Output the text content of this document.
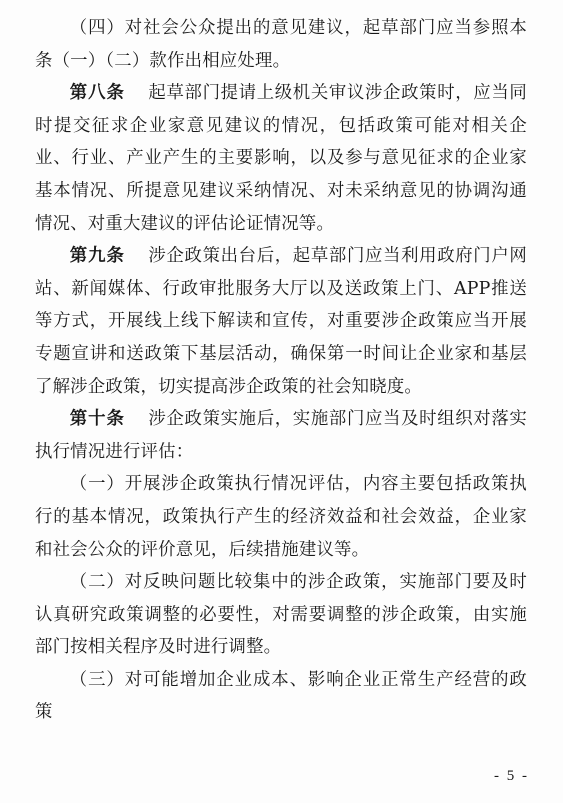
（四）对社会公众提出的意见建议，起草部门应当参照本条（一）（二）款作出相应处理。

第八条 起草部门提请上级机关审议涉企政策时，应当同时提交征求企业家意见建议的情况，包括政策可能对相关企业、行业、产业产生的主要影响，以及参与意见征求的企业家基本情况、所提意见建议采纳情况、对未采纳意见的协调沟通情况、对重大建议的评估论证情况等。

第九条 涉企政策出台后，起草部门应当利用政府门户网站、新闻媒体、行政审批服务大厅以及送政策上门、APP推送等方式，开展线上线下解读和宣传，对重要涉企政策应当开展专题宣讲和送政策下基层活动，确保第一时间让企业家和基层了解涉企政策，切实提高涉企政策的社会知晓度。

第十条 涉企政策实施后，实施部门应当及时组织对落实执行情况进行评估：

（一）开展涉企政策执行情况评估，内容主要包括政策执行的基本情况，政策执行产生的经济效益和社会效益，企业家和社会公众的评价意见，后续措施建议等。

（二）对反映问题比较集中的涉企政策，实施部门要及时认真研究政策调整的必要性，对需要调整的涉企政策，由实施部门按相关程序及时进行调整。

（三）对可能增加企业成本、影响企业正常生产经营的政策

- 5 -
